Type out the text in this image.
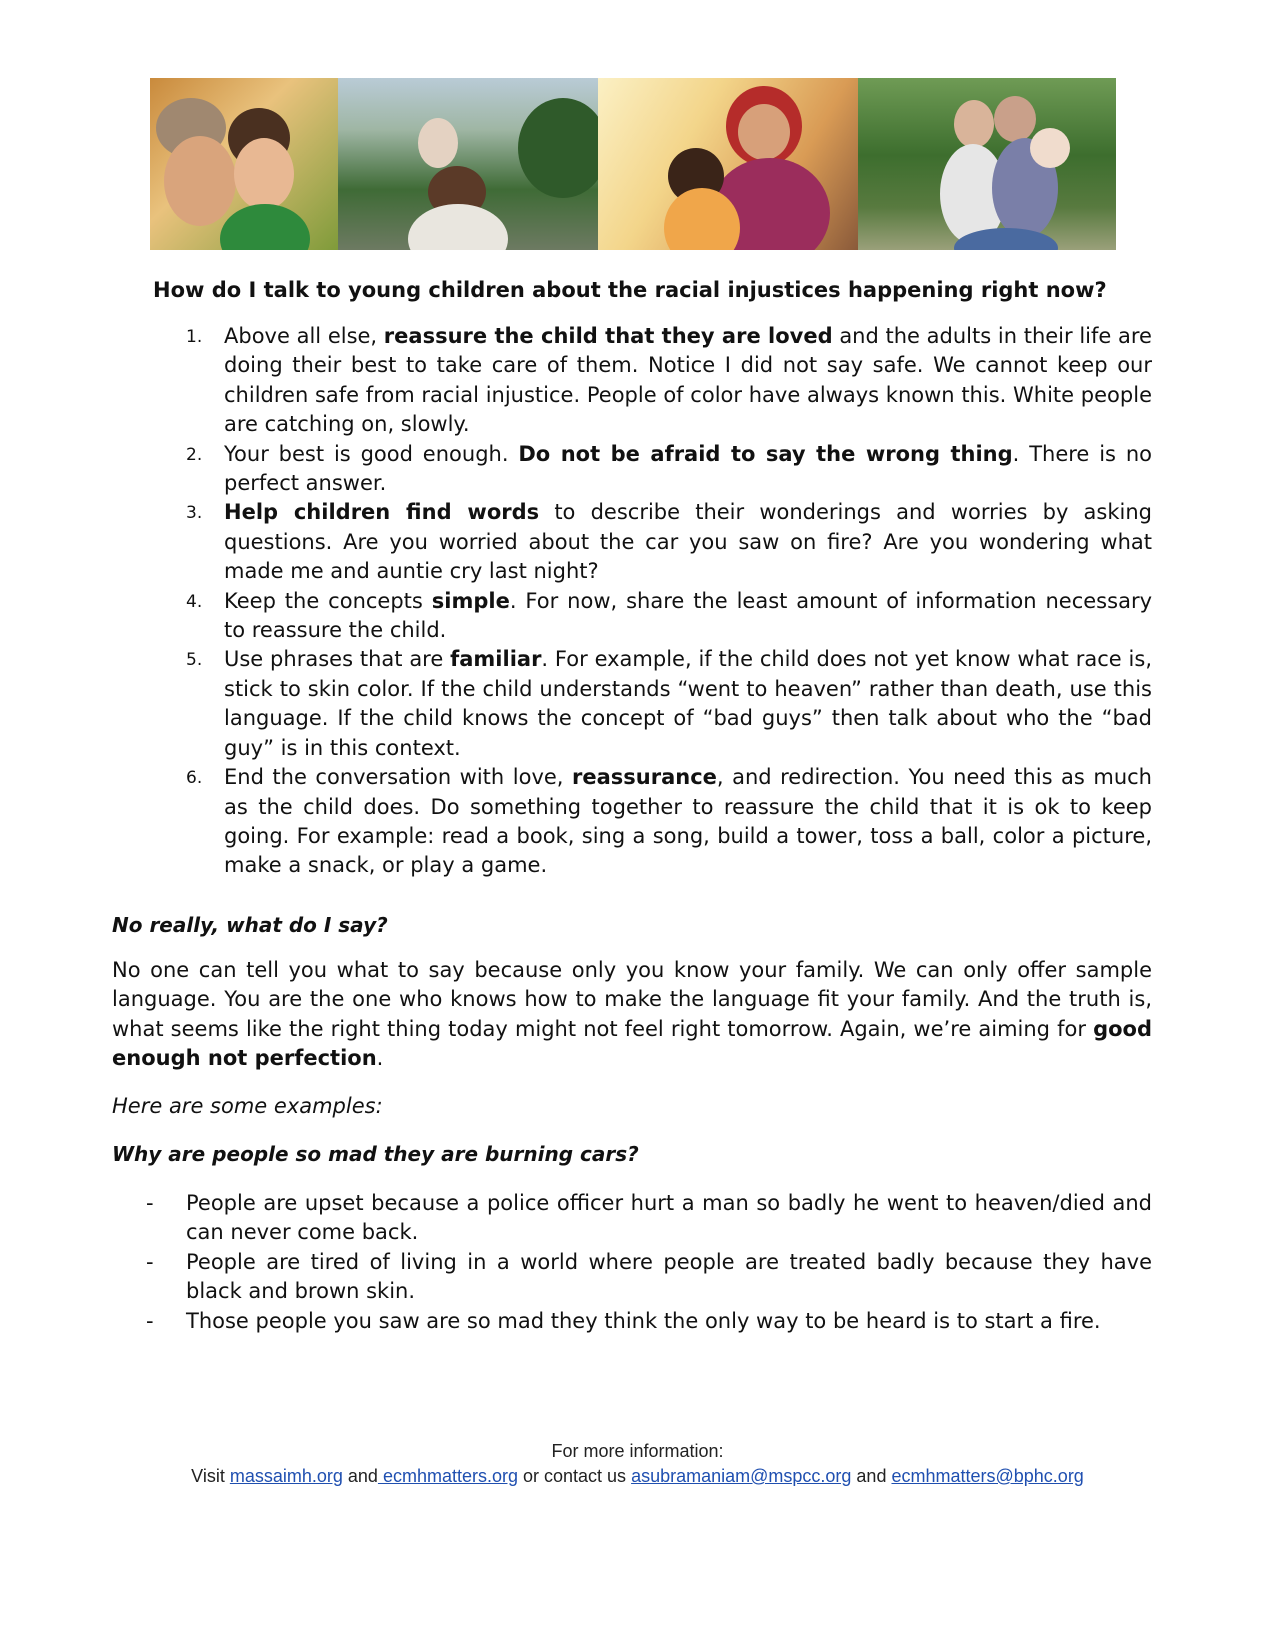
How do I talk to young children about the racial injustices happening right now?
1. Above all else, reassure the child that they are loved and the adults in their life are doing their best to take care of them. Notice I did not say safe. We cannot keep our children safe from racial injustice. People of color have always known this. White people are catching on, slowly.
2. Your best is good enough. Do not be afraid to say the wrong thing. There is no perfect answer.
3. Help children find words to describe their wonderings and worries by asking questions. Are you worried about the car you saw on fire? Are you wondering what made me and auntie cry last night?
4. Keep the concepts simple. For now, share the least amount of information necessary to reassure the child.
5. Use phrases that are familiar. For example, if the child does not yet know what race is, stick to skin color. If the child understands “went to heaven” rather than death, use this language. If the child knows the concept of “bad guys” then talk about who the “bad guy” is in this context.
6. End the conversation with love, reassurance, and redirection. You need this as much as the child does. Do something together to reassure the child that it is ok to keep going. For example: read a book, sing a song, build a tower, toss a ball, color a picture, make a snack, or play a game.
No really, what do I say?
No one can tell you what to say because only you know your family. We can only offer sample language. You are the one who knows how to make the language fit your family. And the truth is, what seems like the right thing today might not feel right tomorrow. Again, we’re aiming for good enough not perfection.
Here are some examples:
Why are people so mad they are burning cars?
- People are upset because a police officer hurt a man so badly he went to heaven/died and can never come back.
- People are tired of living in a world where people are treated badly because they have black and brown skin.
- Those people you saw are so mad they think the only way to be heard is to start a fire.
For more information:
Visit massaimh.org and ecmhmatters.org or contact us asubramaniam@mspcc.org and ecmhmatters@bphc.org
